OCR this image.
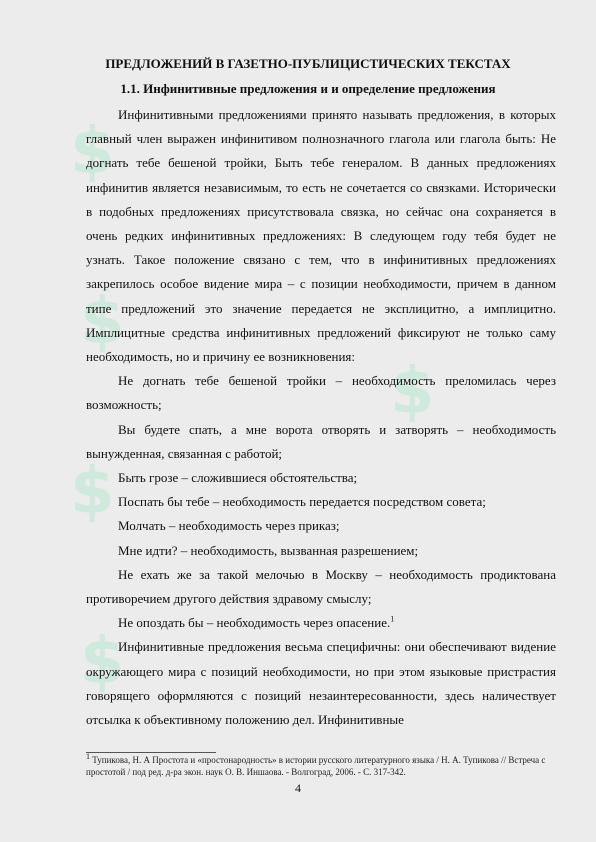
$
$
$
$
$
ПРЕДЛОЖЕНИЙ В ГАЗЕТНО-ПУБЛИЦИСТИЧЕСКИХ ТЕКСТАХ
1.1. Инфинитивные предложения и и определение предложения

Инфинитивными предложениями принято называть предложения, в которых главный член выражен инфинитивом полнозначного глагола или глагола быть: Не догнать тебе бешеной тройки, Быть тебе генералом. В данных предложениях инфинитив является независимым, то есть не сочетается со связками. Исторически в подобных предложениях присутствовала связка, но сейчас она сохраняется в очень редких инфинитивных предложениях: В следующем году тебя будет не узнать. Такое положение связано с тем, что в инфинитивных предложениях закрепилось особое видение мира – с позиции необходимости, причем в данном типе предложений это значение передается не эксплицитно, а имплицитно. Имплицитные средства инфинитивных предложений фиксируют не только саму необходимость, но и причину ее возникновения:

Не догнать тебе бешеной тройки – необходимость преломилась через возможность;

Вы будете спать, а мне ворота отворять и затворять – необходимость вынужденная, связанная с работой;

Быть грозе – сложившиеся обстоятельства;

Поспать бы тебе – необходимость передается посредством совета;

Молчать – необходимость через приказ;

Мне идти? – необходимость, вызванная разрешением;

Не ехать же за такой мелочью в Москву – необходимость продиктована противоречием другого действия здравому смыслу;

Не опоздать бы – необходимость через опасение.$^1$

Инфинитивные предложения весьма специфичны: они обеспечивают видение окружающего мира с позиций необходимости, но при этом языковые пристрастия говорящего оформляются с позиций незаинтересованности, здесь наличествует отсылка к объективному положению дел. Инфинитивные

$^1$ Тупикова, Н. А Простота и «простонародность» в истории русского литературного языка / Н. А. Тупикова // Встреча с простотой / под ред. д-ра экон. наук О. В. Иншаова. - Волгоград, 2006. - С. 317-342.
4
